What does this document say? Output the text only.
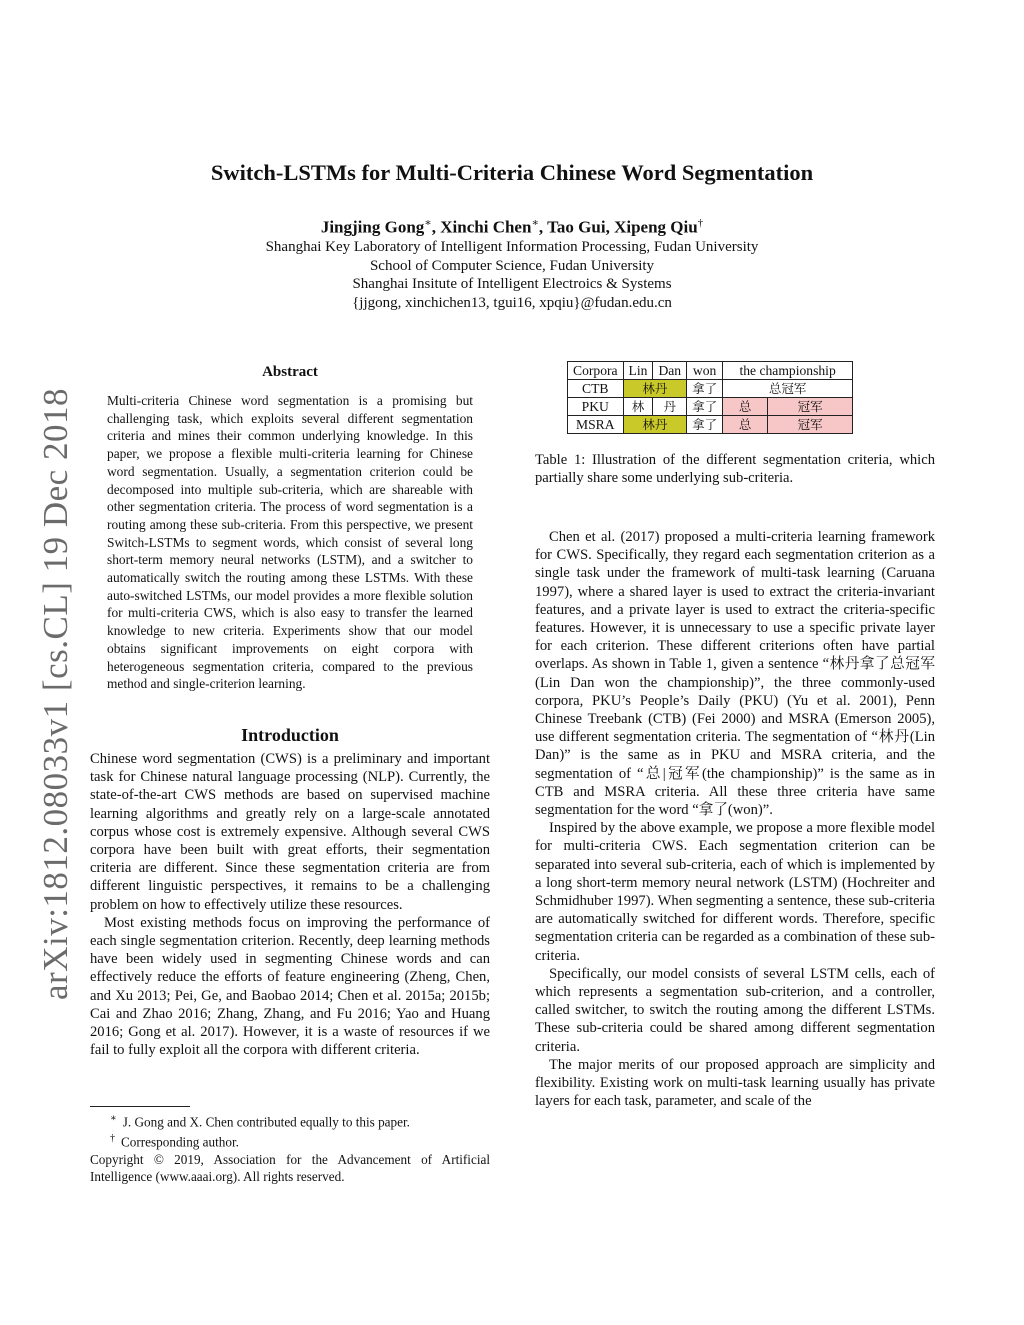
arXiv:1812.08033v1 [cs.CL] 19 Dec 2018
Switch-LSTMs for Multi-Criteria Chinese Word Segmentation
Jingjing Gong∗, Xinchi Chen∗, Tao Gui, Xipeng Qiu†
Shanghai Key Laboratory of Intelligent Information Processing, Fudan University
School of Computer Science, Fudan University
Shanghai Insitute of Intelligent Electroics & Systems
{jjgong, xinchichen13, tgui16, xpqiu}@fudan.edu.cn
Abstract

Multi-criteria Chinese word segmentation is a promising but challenging task, which exploits several different segmentation criteria and mines their common underlying knowledge. In this paper, we propose a flexible multi-criteria learning for Chinese word segmentation. Usually, a segmentation criterion could be decomposed into multiple sub-criteria, which are shareable with other segmentation criteria. The process of word segmentation is a routing among these sub-criteria. From this perspective, we present Switch-LSTMs to segment words, which consist of several long short-term memory neural networks (LSTM), and a switcher to automatically switch the routing among these LSTMs. With these auto-switched LSTMs, our model provides a more flexible solution for multi-criteria CWS, which is also easy to transfer the learned knowledge to new criteria. Experiments show that our model obtains significant improvements on eight corpora with heterogeneous segmentation criteria, compared to the previous method and single-criterion learning.

Introduction

Chinese word segmentation (CWS) is a preliminary and important task for Chinese natural language processing (NLP). Currently, the state-of-the-art CWS methods are based on supervised machine learning algorithms and greatly rely on a large-scale annotated corpus whose cost is extremely expensive. Although several CWS corpora have been built with great efforts, their segmentation criteria are different. Since these segmentation criteria are from different linguistic perspectives, it remains to be a challenging problem on how to effectively utilize these resources.

Most existing methods focus on improving the performance of each single segmentation criterion. Recently, deep learning methods have been widely used in segmenting Chinese words and can effectively reduce the efforts of feature engineering (Zheng, Chen, and Xu 2013; Pei, Ge, and Baobao 2014; Chen et al. 2015a; 2015b; Cai and Zhao 2016; Zhang, Zhang, and Fu 2016; Yao and Huang 2016; Gong et al. 2017). However, it is a waste of resources if we fail to fully exploit all the corpora with different criteria.

∗ J. Gong and X. Chen contributed equally to this paper.

† Corresponding author.

Copyright © 2019, Association for the Advancement of Artificial Intelligence (www.aaai.org). All rights reserved.

Corpora	Lin	Dan	won	the championship	
CTB	林丹		拿了	总冠军	
PKU	林	丹	拿了	总	冠军
MSRA	林丹		拿了	总	冠军

Table 1: Illustration of the different segmentation criteria, which partially share some underlying sub-criteria.

Chen et al. (2017) proposed a multi-criteria learning framework for CWS. Specifically, they regard each segmentation criterion as a single task under the framework of multi-task learning (Caruana 1997), where a shared layer is used to extract the criteria-invariant features, and a private layer is used to extract the criteria-specific features. However, it is unnecessary to use a specific private layer for each criterion. These different criterions often have partial overlaps. As shown in Table 1, given a sentence “林丹拿了总冠军(Lin Dan won the championship)”, the three commonly-used corpora, PKU’s People’s Daily (PKU) (Yu et al. 2001), Penn Chinese Treebank (CTB) (Fei 2000) and MSRA (Emerson 2005), use different segmentation criteria. The segmentation of “林丹(Lin Dan)” is the same as in PKU and MSRA criteria, and the segmentation of “总|冠军(the championship)” is the same as in CTB and MSRA criteria. All these three criteria have same segmentation for the word “拿了(won)”.

Inspired by the above example, we propose a more flexible model for multi-criteria CWS. Each segmentation criterion can be separated into several sub-criteria, each of which is implemented by a long short-term memory neural network (LSTM) (Hochreiter and Schmidhuber 1997). When segmenting a sentence, these sub-criteria are automatically switched for different words. Therefore, specific segmentation criteria can be regarded as a combination of these sub-criteria.

Specifically, our model consists of several LSTM cells, each of which represents a segmentation sub-criterion, and a controller, called switcher, to switch the routing among the different LSTMs. These sub-criteria could be shared among different segmentation criteria.

The major merits of our proposed approach are simplicity and flexibility. Existing work on multi-task learning usually has private layers for each task, parameter, and scale of the
